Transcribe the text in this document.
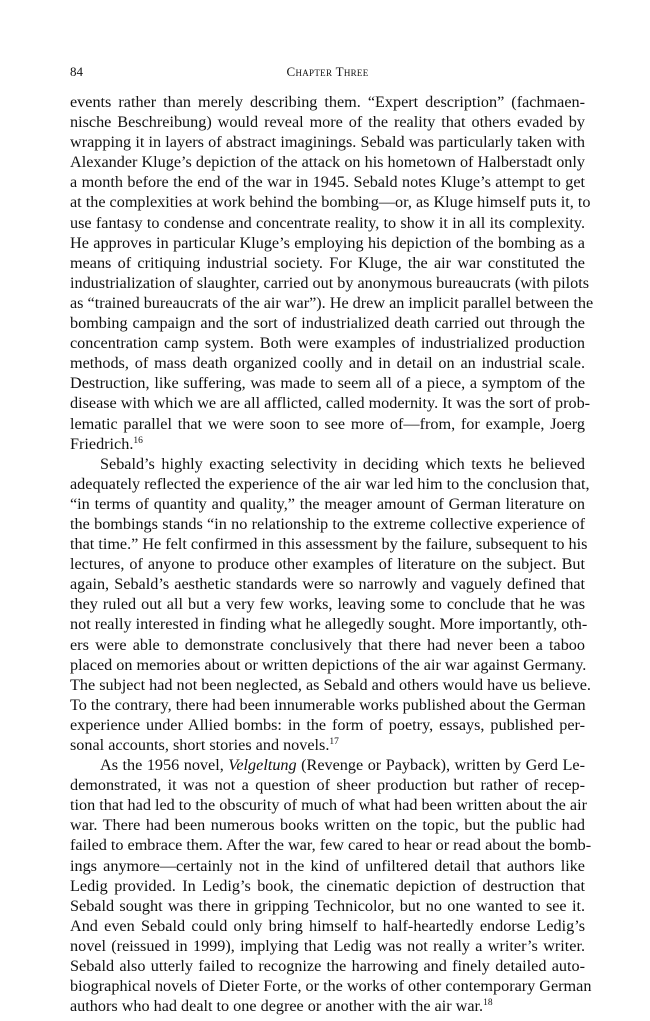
84	Chapter Three
events rather than merely describing them. “Expert description” (fachmaen-
nische Beschreibung) would reveal more of the reality that others evaded by
wrapping it in layers of abstract imaginings. Sebald was particularly taken with
Alexander Kluge’s depiction of the attack on his hometown of Halberstadt only
a month before the end of the war in 1945. Sebald notes Kluge’s attempt to get
at the complexities at work behind the bombing—or, as Kluge himself puts it, to
use fantasy to condense and concentrate reality, to show it in all its complexity.
He approves in particular Kluge’s employing his depiction of the bombing as a
means of critiquing industrial society. For Kluge, the air war constituted the
industrialization of slaughter, carried out by anonymous bureaucrats (with pilots
as “trained bureaucrats of the air war”). He drew an implicit parallel between the
bombing campaign and the sort of industrialized death carried out through the
concentration camp system. Both were examples of industrialized production
methods, of mass death organized coolly and in detail on an industrial scale.
Destruction, like suffering, was made to seem all of a piece, a symptom of the
disease with which we are all afflicted, called modernity. It was the sort of prob-
lematic parallel that we were soon to see more of—from, for example, Joerg
Friedrich.$^{16}$
Sebald’s highly exacting selectivity in deciding which texts he believed
adequately reflected the experience of the air war led him to the conclusion that,
“in terms of quantity and quality,” the meager amount of German literature on
the bombings stands “in no relationship to the extreme collective experience of
that time.” He felt confirmed in this assessment by the failure, subsequent to his
lectures, of anyone to produce other examples of literature on the subject. But
again, Sebald’s aesthetic standards were so narrowly and vaguely defined that
they ruled out all but a very few works, leaving some to conclude that he was
not really interested in finding what he allegedly sought. More importantly, oth-
ers were able to demonstrate conclusively that there had never been a taboo
placed on memories about or written depictions of the air war against Germany.
The subject had not been neglected, as Sebald and others would have us believe.
To the contrary, there had been innumerable works published about the German
experience under Allied bombs: in the form of poetry, essays, published per-
sonal accounts, short stories and novels.$^{17}$
As the 1956 novel, Velgeltung (Revenge or Payback), written by Gerd Le-
demonstrated, it was not a question of sheer production but rather of recep-
tion that had led to the obscurity of much of what had been written about the air
war. There had been numerous books written on the topic, but the public had
failed to embrace them. After the war, few cared to hear or read about the bomb-
ings anymore—certainly not in the kind of unfiltered detail that authors like
Ledig provided. In Ledig’s book, the cinematic depiction of destruction that
Sebald sought was there in gripping Technicolor, but no one wanted to see it.
And even Sebald could only bring himself to half-heartedly endorse Ledig’s
novel (reissued in 1999), implying that Ledig was not really a writer’s writer.
Sebald also utterly failed to recognize the harrowing and finely detailed auto-
biographical novels of Dieter Forte, or the works of other contemporary German
authors who had dealt to one degree or another with the air war.$^{18}$
